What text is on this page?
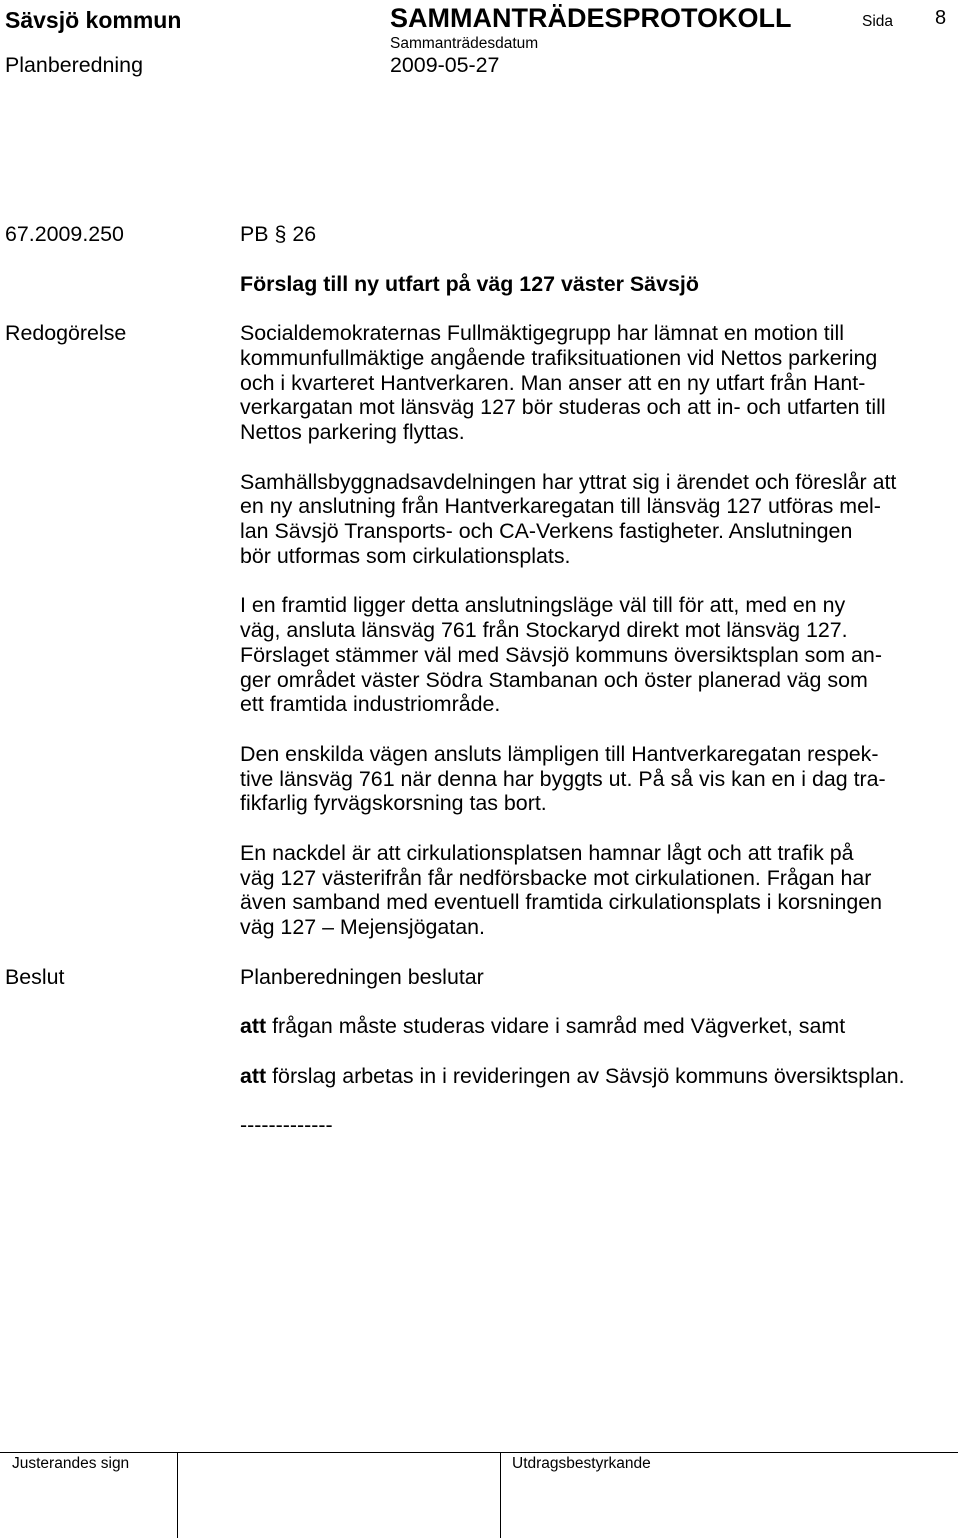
Sävsjö kommun	SAMMANTRÄDESPROTOKOLL	Sida 8
Sammanträdesdatum
Planberedning	2009-05-27
67.2009.250	PB § 26
Förslag till ny utfart på väg 127 väster Sävsjö
Redogörelse	Socialdemokraternas Fullmäktigegrupp har lämnat en motion till
kommunfullmäktige angående trafiksituationen vid Nettos parkering
och i kvarteret Hantverkaren. Man anser att en ny utfart från Hant-
verkargatan mot länsväg 127 bör studeras och att in- och utfarten till
Nettos parkering flyttas.
Samhällsbyggnadsavdelningen har yttrat sig i ärendet och föreslår att
en ny anslutning från Hantverkaregatan till länsväg 127 utföras mel-
lan Sävsjö Transports- och CA-Verkens fastigheter. Anslutningen
bör utformas som cirkulationsplats.
I en framtid ligger detta anslutningsläge väl till för att, med en ny
väg, ansluta länsväg 761 från Stockaryd direkt mot länsväg 127.
Förslaget stämmer väl med Sävsjö kommuns översiktsplan som an-
ger området väster Södra Stambanan och öster planerad väg som
ett framtida industriområde.
Den enskilda vägen ansluts lämpligen till Hantverkaregatan respek-
tive länsväg 761 när denna har byggts ut. På så vis kan en i dag tra-
fikfarlig fyrvägskorsning tas bort.
En nackdel är att cirkulationsplatsen hamnar lågt och att trafik på
väg 127 västerifrån får nedförsbacke mot cirkulationen. Frågan har
även samband med eventuell framtida cirkulationsplats i korsningen
väg 127 – Mejensjögatan.
Beslut	Planberedningen beslutar
att frågan måste studeras vidare i samråd med Vägverket, samt
att förslag arbetas in i revideringen av Sävsjö kommuns översiktsplan.
-------------
Justerandes sign	Utdragsbestyrkande
